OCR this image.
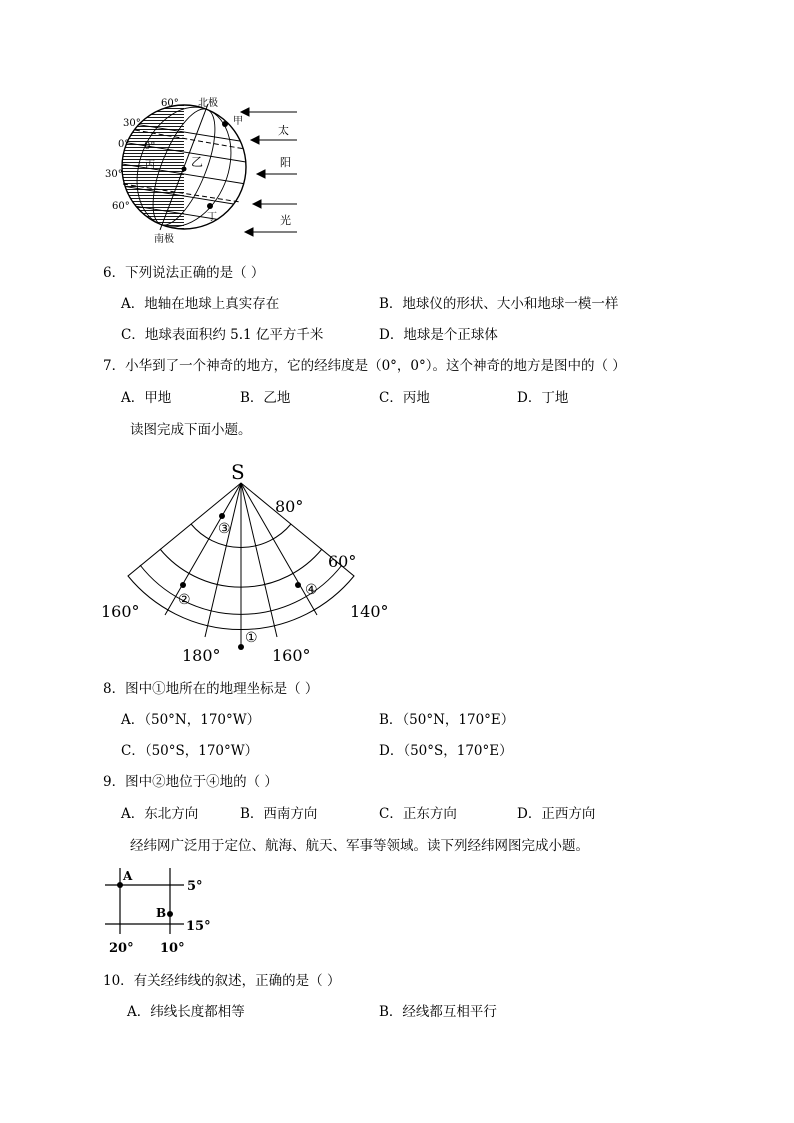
60°
30°
0°
30°
60°
北极
南极
甲
乙
丙
丁
0°
太
阳
光
6．下列说法正确的是（ ）
A．地轴在地球上真实存在	B．地球仪的形状、大小和地球一模一样
C．地球表面积约 5.1 亿平方千米	D．地球是个正球体
7．小华到了一个神奇的地方，它的经纬度是（0°，0°）。这个神奇的地方是图中的（ ）
A．甲地	B．乙地	C．丙地	D．丁地
读图完成下面小题。
S
80°
60°
160°	140°
180°	160°
①
②
③
④
8．图中①地所在的地理坐标是（ ）
A．（50°N，170°W）	B．（50°N，170°E）
C．（50°S，170°W）	D．（50°S，170°E）
9．图中②地位于④地的（ ）
A．东北方向	B．西南方向	C．正东方向	D．正西方向
经纬网广泛用于定位、航海、航天、军事等领域。读下列经纬网图完成小题。
A
B
5°
15°
20° 10°
10．有关经纬线的叙述，正确的是（ ）
A．纬线长度都相等	B．经线都互相平行
